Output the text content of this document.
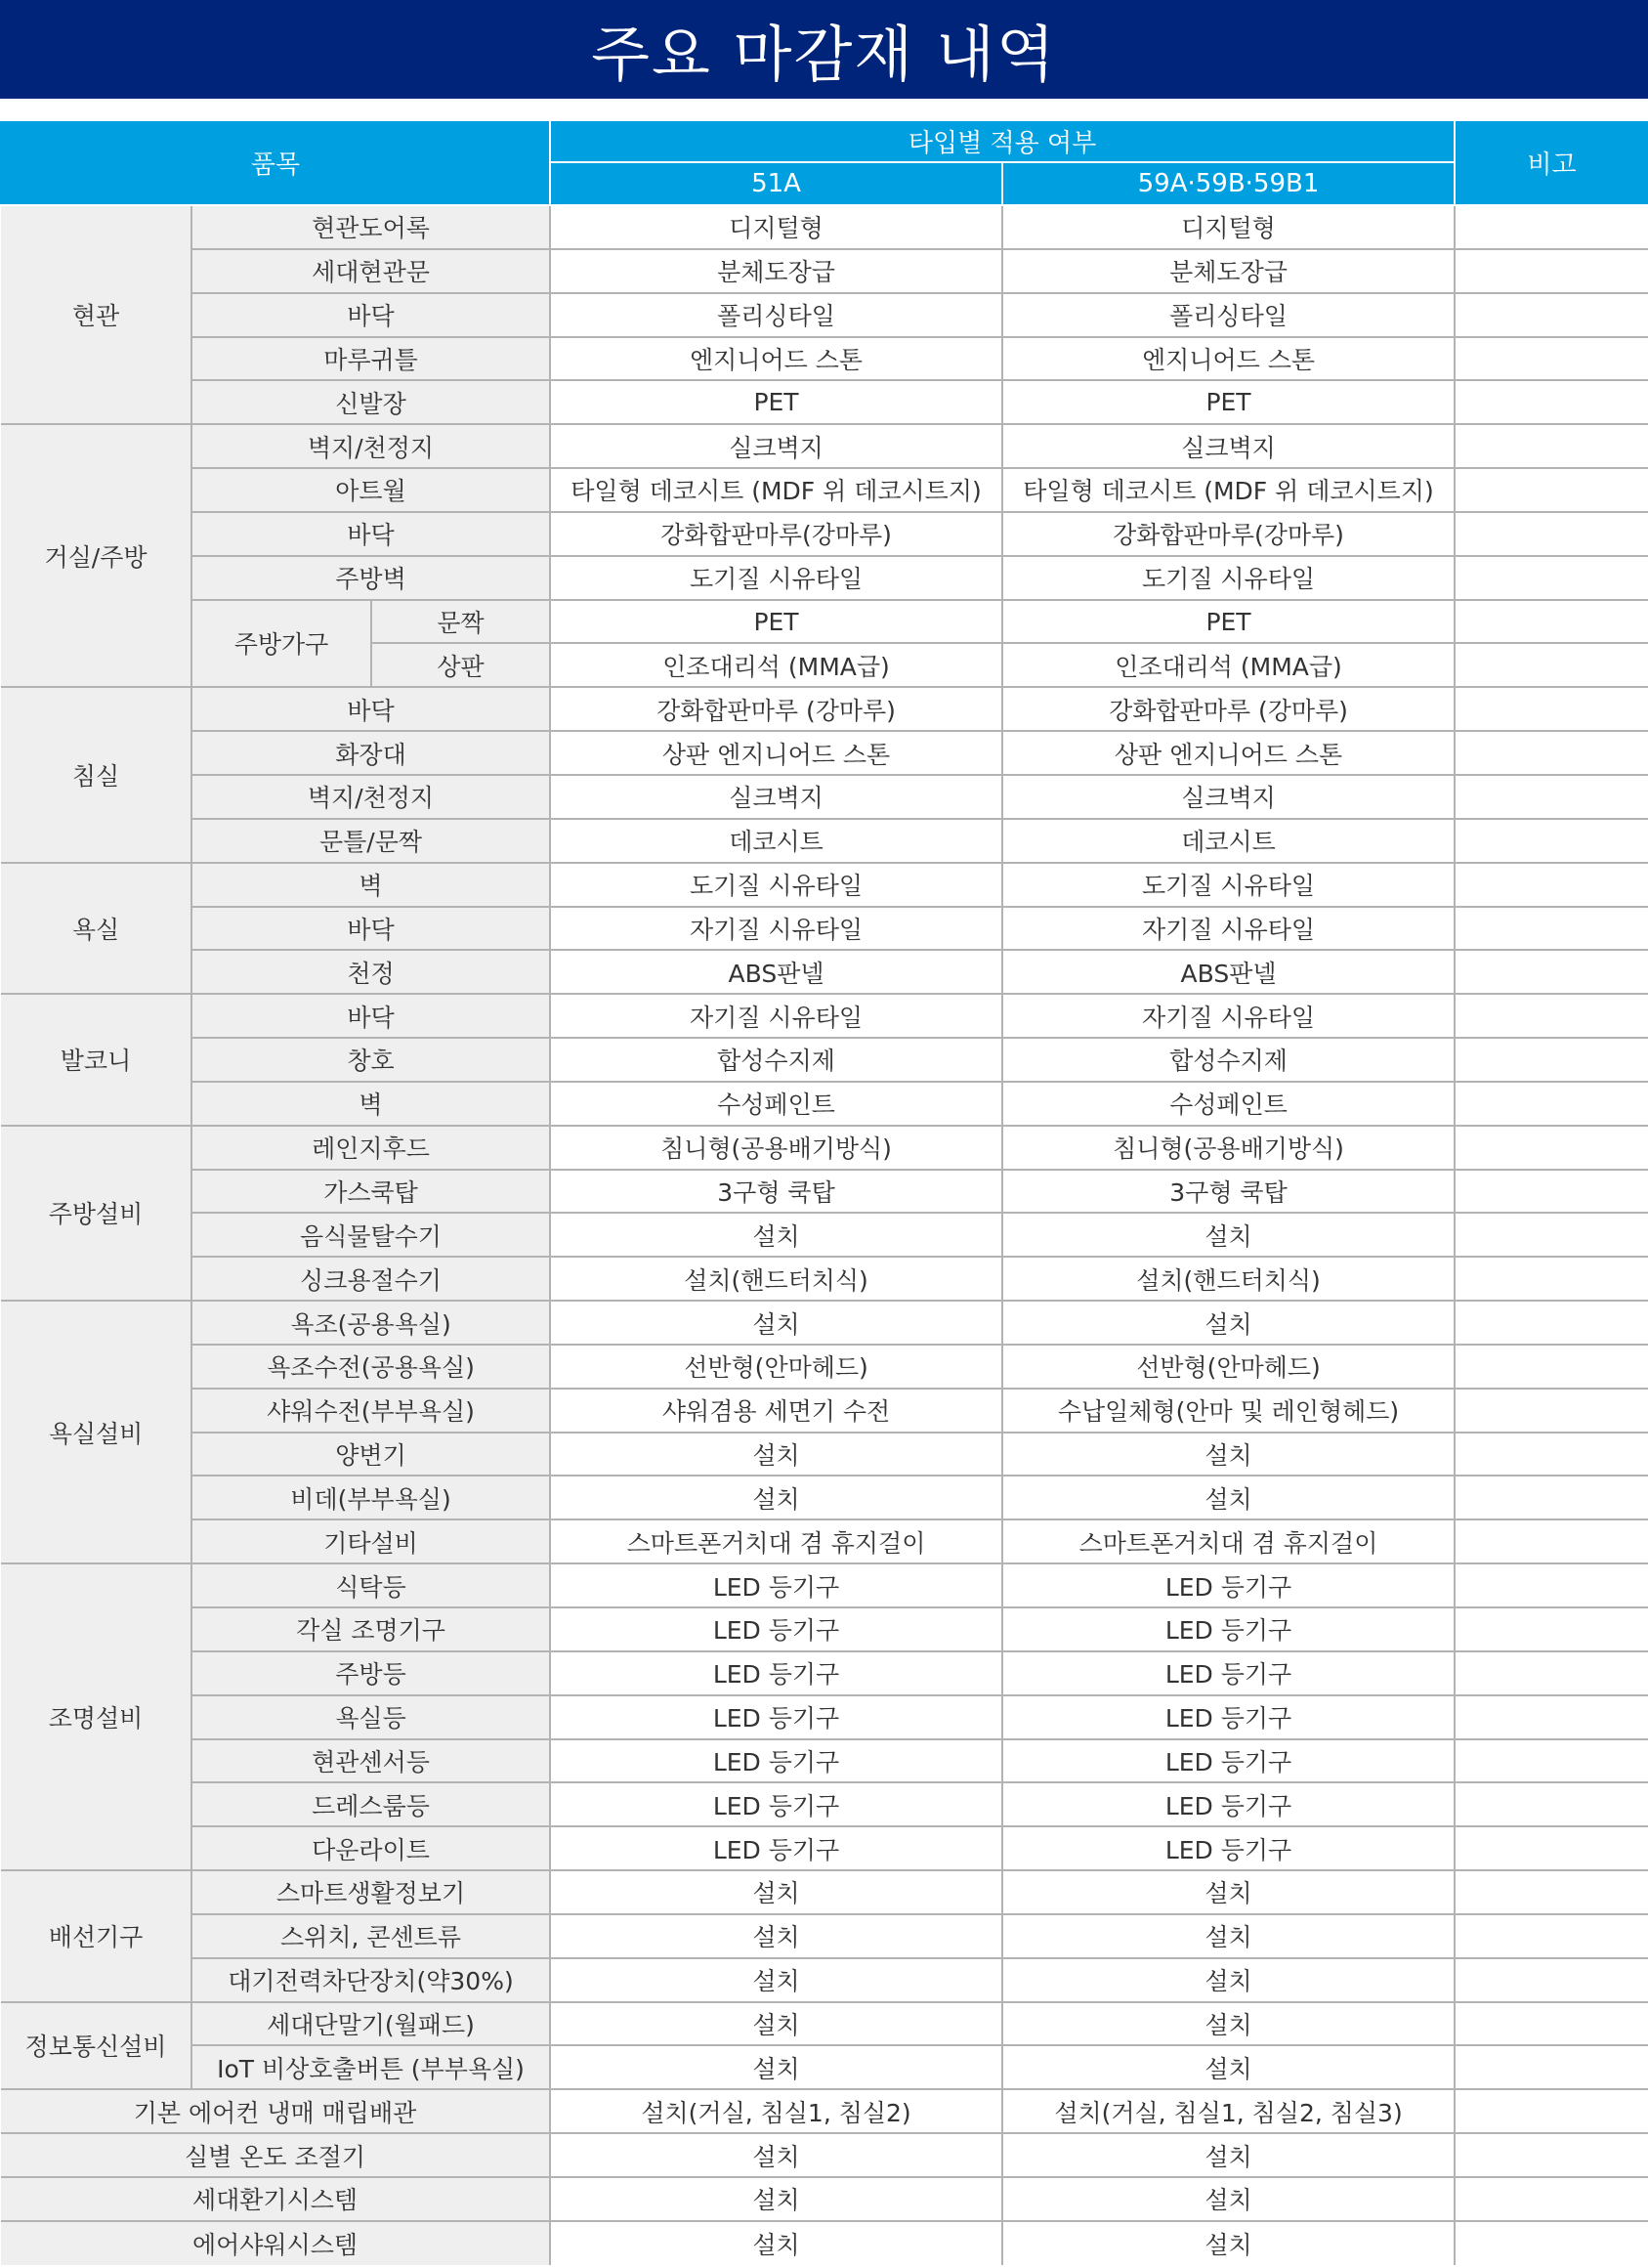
주요 마감재 내역
품목			타입별 적용 여부		비고
			51A	59A·59B·59B1	
현관	현관도어록		디지털형	디지털형	
	세대현관문		분체도장급	분체도장급	
	바닥		폴리싱타일	폴리싱타일	
	마루귀틀		엔지니어드 스톤	엔지니어드 스톤	
	신발장		PET	PET	
거실/주방	벽지/천정지		실크벽지	실크벽지	
	아트월		타일형 데코시트 (MDF 위 데코시트지)	타일형 데코시트 (MDF 위 데코시트지)	
	바닥		강화합판마루(강마루)	강화합판마루(강마루)	
	주방벽		도기질 시유타일	도기질 시유타일	
	주방가구	문짝	PET	PET	
		상판	인조대리석 (MMA급)	인조대리석 (MMA급)	
침실	바닥		강화합판마루 (강마루)	강화합판마루 (강마루)	
	화장대		상판 엔지니어드 스톤	상판 엔지니어드 스톤	
	벽지/천정지		실크벽지	실크벽지	
	문틀/문짝		데코시트	데코시트	
욕실	벽		도기질 시유타일	도기질 시유타일	
	바닥		자기질 시유타일	자기질 시유타일	
	천정		ABS판넬	ABS판넬	
발코니	바닥		자기질 시유타일	자기질 시유타일	
	창호		합성수지제	합성수지제	
	벽		수성페인트	수성페인트	
주방설비	레인지후드		침니형(공용배기방식)	침니형(공용배기방식)	
	가스쿡탑		3구형 쿡탑	3구형 쿡탑	
	음식물탈수기		설치	설치	
	싱크용절수기		설치(핸드터치식)	설치(핸드터치식)	
욕실설비	욕조(공용욕실)		설치	설치	
	욕조수전(공용욕실)		선반형(안마헤드)	선반형(안마헤드)	
	샤워수전(부부욕실)		샤워겸용 세면기 수전	수납일체형(안마 및 레인형헤드)	
	양변기		설치	설치	
	비데(부부욕실)		설치	설치	
	기타설비		스마트폰거치대 겸 휴지걸이	스마트폰거치대 겸 휴지걸이	
조명설비	식탁등		LED 등기구	LED 등기구	
	각실 조명기구		LED 등기구	LED 등기구	
	주방등		LED 등기구	LED 등기구	
	욕실등		LED 등기구	LED 등기구	
	현관센서등		LED 등기구	LED 등기구	
	드레스룸등		LED 등기구	LED 등기구	
	다운라이트		LED 등기구	LED 등기구	
배선기구	스마트생활정보기		설치	설치	
	스위치, 콘센트류		설치	설치	
	대기전력차단장치(약30%)		설치	설치	
정보통신설비	세대단말기(월패드)		설치	설치	
	IoT 비상호출버튼 (부부욕실)		설치	설치	
기본 에어컨 냉매 매립배관			설치(거실, 침실1, 침실2)	설치(거실, 침실1, 침실2, 침실3)	
실별 온도 조절기			설치	설치	
세대환기시스템			설치	설치	
에어샤워시스템			설치	설치	
